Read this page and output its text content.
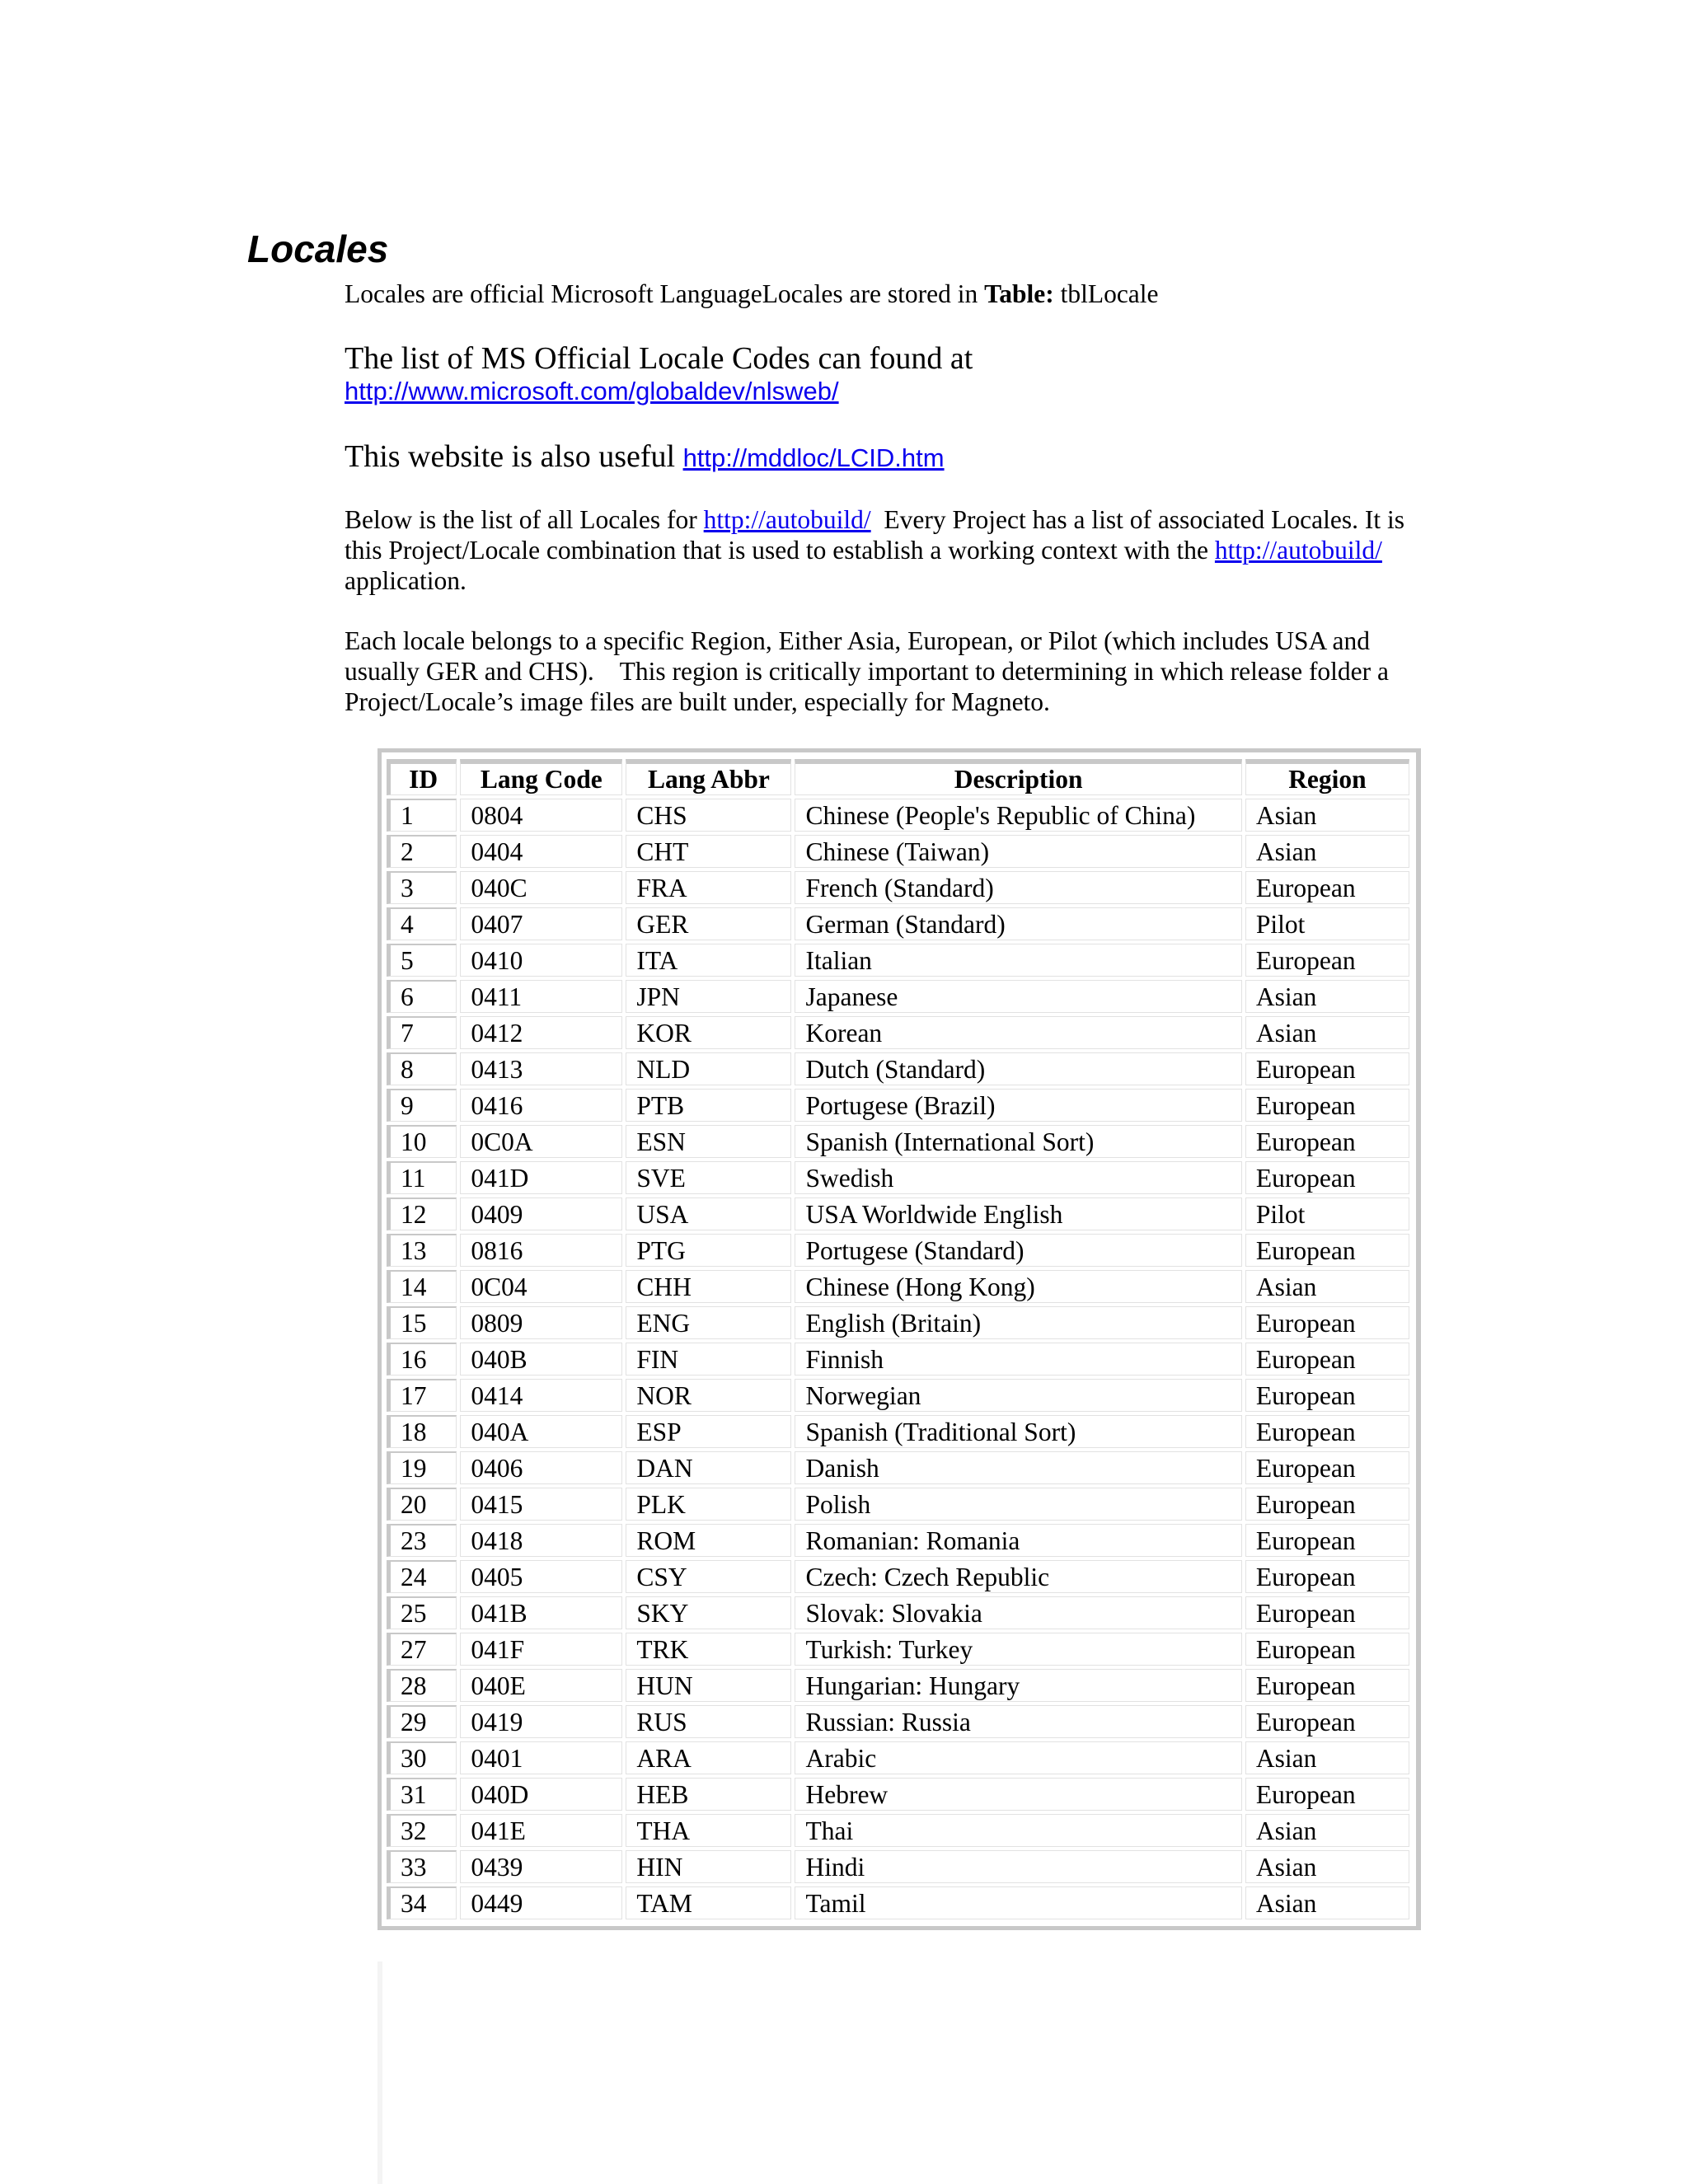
Locales
Locales are official Microsoft LanguageLocales are stored in Table: tblLocale
The list of MS Official Locale Codes can found at
http://www.microsoft.com/globaldev/nlsweb/
This website is also useful http://mddloc/LCID.htm
Below is the list of all Locales for http://autobuild/  Every Project has a list of associated Locales. It is this Project/Locale combination that is used to establish a working context with the http://autobuild/   application.
Each locale belongs to a specific Region, Either Asia, European, or Pilot (which includes USA and usually GER and CHS).    This region is critically important to determining in which release folder a Project/Locale’s image files are built under, especially for Magneto.
ID	Lang Code	Lang Abbr	Description	Region
1	0804	CHS	Chinese (People's Republic of China)	Asian
2	0404	CHT	Chinese (Taiwan)	Asian
3	040C	FRA	French (Standard)	European
4	0407	GER	German (Standard)	Pilot
5	0410	ITA	Italian	European
6	0411	JPN	Japanese	Asian
7	0412	KOR	Korean	Asian
8	0413	NLD	Dutch (Standard)	European
9	0416	PTB	Portugese (Brazil)	European
10	0C0A	ESN	Spanish (International Sort)	European
11	041D	SVE	Swedish	European
12	0409	USA	USA Worldwide English	Pilot
13	0816	PTG	Portugese (Standard)	European
14	0C04	CHH	Chinese (Hong Kong)	Asian
15	0809	ENG	English (Britain)	European
16	040B	FIN	Finnish	European
17	0414	NOR	Norwegian	European
18	040A	ESP	Spanish (Traditional Sort)	European
19	0406	DAN	Danish	European
20	0415	PLK	Polish	European
23	0418	ROM	Romanian: Romania	European
24	0405	CSY	Czech: Czech Republic	European
25	041B	SKY	Slovak: Slovakia	European
27	041F	TRK	Turkish: Turkey	European
28	040E	HUN	Hungarian: Hungary	European
29	0419	RUS	Russian: Russia	European
30	0401	ARA	Arabic	Asian
31	040D	HEB	Hebrew	European
32	041E	THA	Thai	Asian
33	0439	HIN	Hindi	Asian
34	0449	TAM	Tamil	Asian
